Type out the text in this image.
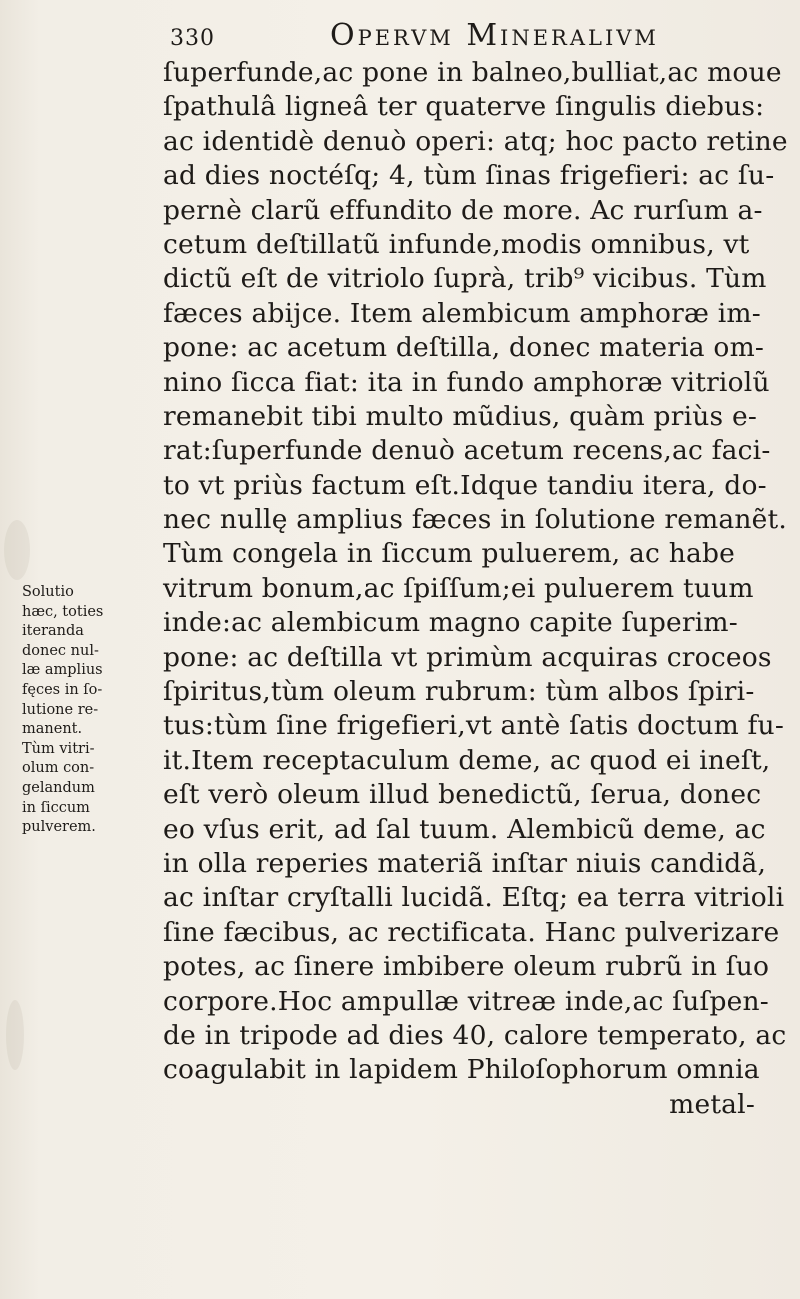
330	Opervm Mineralivm
Solutio
hæc, toties
iteranda
donec nul-
læ amplius
fęces in ſo-
lutione re-
manent.
Tùm vitri-
olum con-
gelandum
in ſiccum
pulverem.
ſuperfunde,ac pone in balneo,bulliat,ac moue
ſpathulâ ligneâ ter quaterve ſingulis diebus:
ac identidè denuò operi: atq; hoc pacto retine
ad dies noctéſq; 4, tùm ſinas frigefieri: ac ſu-
pernè clarũ effundito de more. Ac rurſum a-
cetum deſtillatũ infunde,modis omnibus, vt
dictũ eſt de vitriolo ſuprà, trib⁹ vicibus. Tùm
fæces abijce. Item alembicum amphoræ im-
pone: ac acetum deſtilla, donec materia om-
nino ſicca fiat: ita in fundo amphoræ vitriolũ
remanebit tibi multo mũdius, quàm priùs e-
rat:ſuperfunde denuò acetum recens,ac faci-
to vt priùs factum eſt.Idque tandiu itera, do-
nec nullę amplius fæces in ſolutione remanẽt.
Tùm congela in ſiccum puluerem, ac habe
vitrum bonum,ac ſpiſſum;ei puluerem tuum
inde:ac alembicum magno capite ſuperim-
pone: ac deſtilla vt primùm acquiras croceos
ſpiritus,tùm oleum rubrum: tùm albos ſpiri-
tus:tùm ſine frigefieri,vt antè ſatis doctum fu-
it.Item receptaculum deme, ac quod ei ineſt,
eſt verò oleum illud benedictũ, ſerua, donec
eo vſus erit, ad ſal tuum. Alembicũ deme, ac
in olla reperies materiã inſtar niuis candidã,
ac inſtar cryſtalli lucidã. Eſtq; ea terra vitrioli
ſine fæcibus, ac rectificata. Hanc pulverizare
potes, ac ſinere imbibere oleum rubrũ in ſuo
corpore.Hoc ampullæ vitreæ inde,ac ſuſpen-
de in tripode ad dies 40, calore temperato, ac
coagulabit in lapidem Philoſophorum omnia
metal-
